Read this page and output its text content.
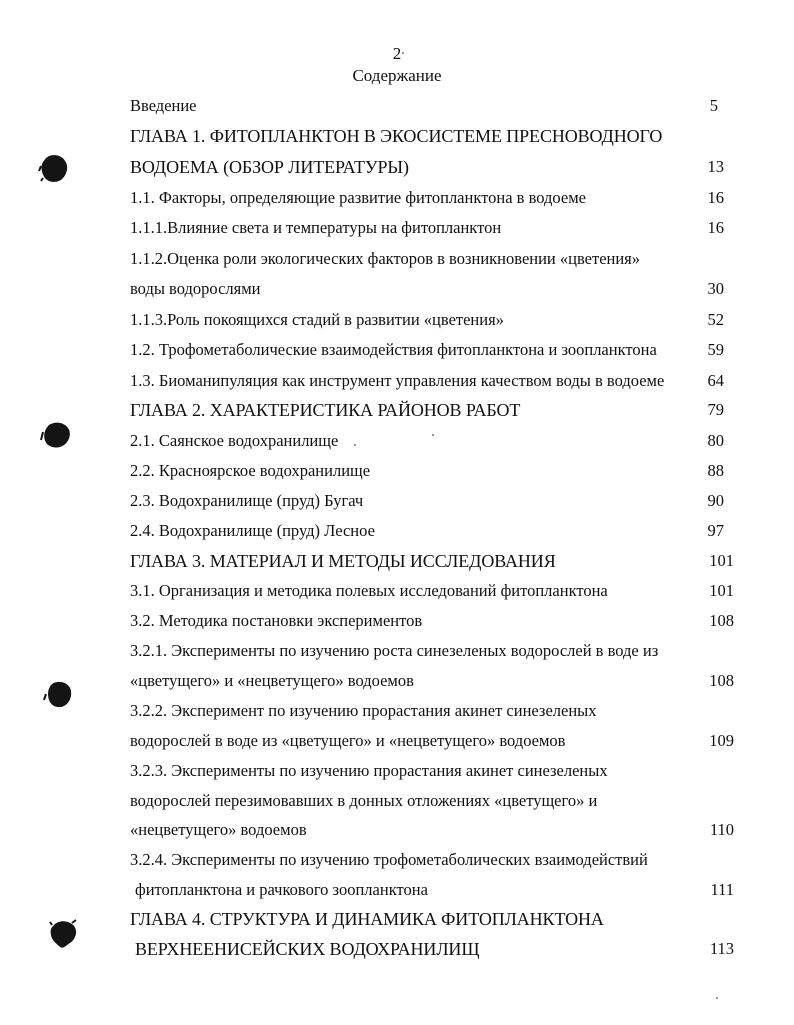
2
Содержание
Введение	5
ГЛАВА 1. ФИТОПЛАНКТОН В ЭКОСИСТЕМЕ ПРЕСНОВОДНОГО
ВОДОЕМА (ОБЗОР ЛИТЕРАТУРЫ)	13
1.1. Факторы, определяющие развитие фитопланктона в водоеме	16
1.1.1.Влияние света и температуры на фитопланктон	16
1.1.2.Оценка роли экологических факторов в возникновении «цветения»
воды водорослями	30
1.1.3.Роль покоящихся стадий в развитии «цветения»	52
1.2. Трофометаболические взаимодействия фитопланктона и зоопланктона	59
1.3. Биоманипуляция как инструмент управления качеством воды в водоеме	64
ГЛАВА 2. ХАРАКТЕРИСТИКА РАЙОНОВ РАБОТ	79
2.1. Саянское водохранилище	80
2.2. Красноярское водохранилище	88
2.3. Водохранилище (пруд) Бугач	90
2.4. Водохранилище (пруд) Лесное	97
ГЛАВА 3. МАТЕРИАЛ И МЕТОДЫ ИССЛЕДОВАНИЯ	101
3.1. Организация и методика полевых исследований фитопланктона	101
3.2. Методика постановки экспериментов	108
3.2.1. Эксперименты по изучению роста синезеленых водорослей в воде из
«цветущего» и «нецветущего» водоемов	108
3.2.2. Эксперимент по изучению прорастания акинет синезеленых
водорослей в воде из «цветущего» и «нецветущего» водоемов	109
3.2.3. Эксперименты по изучению прорастания акинет синезеленых
водорослей перезимовавших в донных отложениях «цветущего» и
«нецветущего» водоемов	110
3.2.4. Эксперименты по изучению трофометаболических взаимодействий
фитопланктона и рачкового зоопланктона	111
ГЛАВА 4. СТРУКТУРА И ДИНАМИКА ФИТОПЛАНКТОНА
ВЕРХНЕЕНИСЕЙСКИХ ВОДОХРАНИЛИЩ	113
